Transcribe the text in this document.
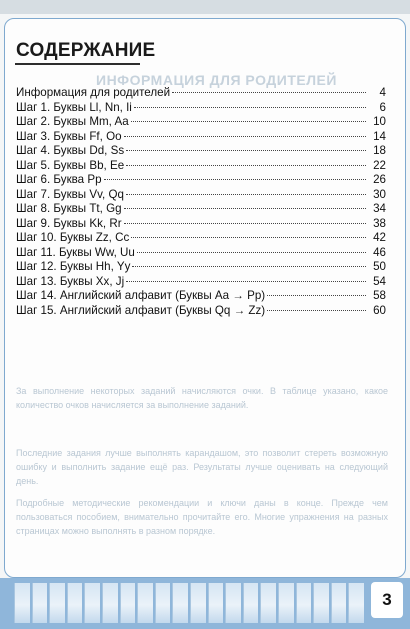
ИНФОРМАЦИЯ ДЛЯ РОДИТЕЛЕЙ
За выполнение некоторых заданий начисляются очки. В таблице указано, какое количество очков начисляется за выполнение заданий.
Последние задания лучше выполнять карандашом, это позволит стереть возможную ошибку и выполнить задание ещё раз. Результаты лучше оценивать на следующий день.
Подробные методические рекомендации и ключи даны в конце. Прежде чем пользоваться пособием, внимательно прочитайте его. Многие упражнения на разных страницах можно выполнять в разном порядке.
СОДЕРЖАНИЕ
Информация для родителей	4
Шаг 1. Буквы Ll, Nn, Ii	6
Шаг 2. Буквы Mm, Aa	10
Шаг 3. Буквы Ff, Oo	14
Шаг 4. Буквы Dd, Ss	18
Шаг 5. Буквы Bb, Ee	22
Шаг 6. Буква Pp	26
Шаг 7. Буквы Vv, Qq	30
Шаг 8. Буквы Tt, Gg	34
Шаг 9. Буквы Kk, Rr	38
Шаг 10. Буквы Zz, Cc	42
Шаг 11. Буквы Ww, Uu	46
Шаг 12. Буквы Hh, Yy	50
Шаг 13. Буквы Xx, Jj	54
Шаг 14. Английский алфавит (Буквы Aa → Pp)	58
Шаг 15. Английский алфавит (Буквы Qq → Zz)	60
3
